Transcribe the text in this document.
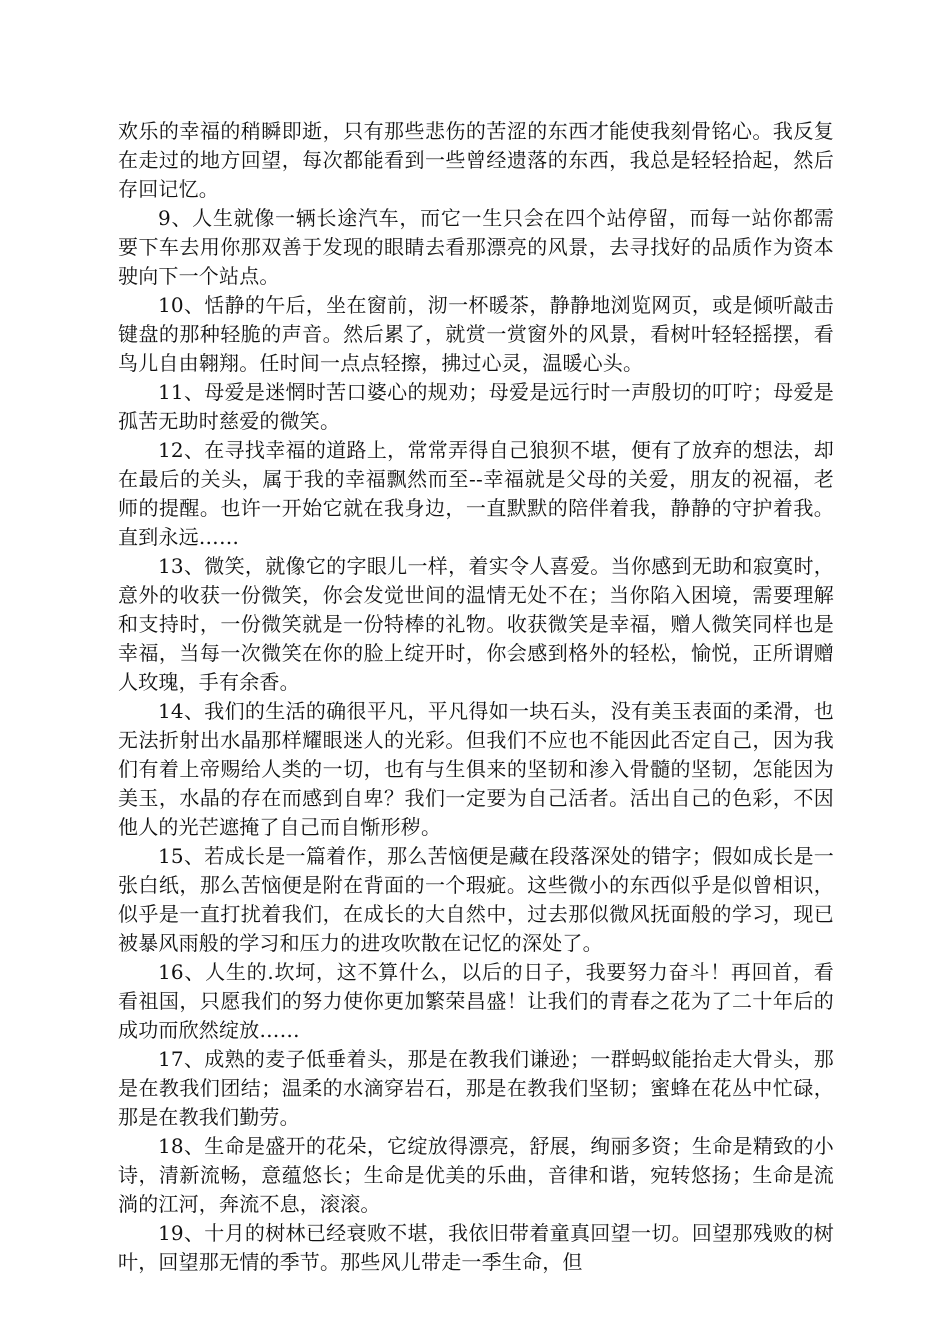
欢乐的幸福的稍瞬即逝，只有那些悲伤的苦涩的东西才能使我刻骨铭心。我反复在走过的地方回望，每次都能看到一些曾经遗落的东西，我总是轻轻拾起，然后存回记忆。

9、人生就像一辆长途汽车，而它一生只会在四个站停留，而每一站你都需要下车去用你那双善于发现的眼睛去看那漂亮的风景，去寻找好的品质作为资本驶向下一个站点。

10、恬静的午后，坐在窗前，沏一杯暖茶，静静地浏览网页，或是倾听敲击键盘的那种轻脆的声音。然后累了，就赏一赏窗外的风景，看树叶轻轻摇摆，看鸟儿自由翱翔。任时间一点点轻擦，拂过心灵，温暖心头。

11、母爱是迷惘时苦口婆心的规劝；母爱是远行时一声殷切的叮咛；母爱是孤苦无助时慈爱的微笑。

12、在寻找幸福的道路上，常常弄得自己狼狈不堪，便有了放弃的想法，却在最后的关头，属于我的幸福飘然而至--幸福就是父母的关爱，朋友的祝福，老师的提醒。也许一开始它就在我身边，一直默默的陪伴着我，静静的守护着我。直到永远……

13、微笑，就像它的字眼儿一样，着实令人喜爱。当你感到无助和寂寞时，意外的收获一份微笑，你会发觉世间的温情无处不在；当你陷入困境，需要理解和支持时，一份微笑就是一份特棒的礼物。收获微笑是幸福，赠人微笑同样也是幸福，当每一次微笑在你的脸上绽开时，你会感到格外的轻松，愉悦，正所谓赠人玫瑰，手有余香。

14、我们的生活的确很平凡，平凡得如一块石头，没有美玉表面的柔滑，也无法折射出水晶那样耀眼迷人的光彩。但我们不应也不能因此否定自己，因为我们有着上帝赐给人类的一切，也有与生俱来的坚韧和渗入骨髓的坚韧，怎能因为美玉，水晶的存在而感到自卑？我们一定要为自己活者。活出自己的色彩，不因他人的光芒遮掩了自己而自惭形秽。

15、若成长是一篇着作，那么苦恼便是藏在段落深处的错字；假如成长是一张白纸，那么苦恼便是附在背面的一个瑕疵。这些微小的东西似乎是似曾相识，似乎是一直打扰着我们，在成长的大自然中，过去那似微风抚面般的学习，现已被暴风雨般的学习和压力的进攻吹散在记忆的深处了。

16、人生的.坎坷，这不算什么，以后的日子，我要努力奋斗！再回首，看看祖国，只愿我们的努力使你更加繁荣昌盛！让我们的青春之花为了二十年后的成功而欣然绽放……

17、成熟的麦子低垂着头，那是在教我们谦逊；一群蚂蚁能抬走大骨头，那是在教我们团结；温柔的水滴穿岩石，那是在教我们坚韧；蜜蜂在花丛中忙碌，那是在教我们勤劳。

18、生命是盛开的花朵，它绽放得漂亮，舒展，绚丽多资；生命是精致的小诗，清新流畅，意蕴悠长；生命是优美的乐曲，音律和谐，宛转悠扬；生命是流淌的江河，奔流不息，滚滚。

19、十月的树林已经衰败不堪，我依旧带着童真回望一切。回望那残败的树叶，回望那无情的季节。那些风儿带走一季生命，但
